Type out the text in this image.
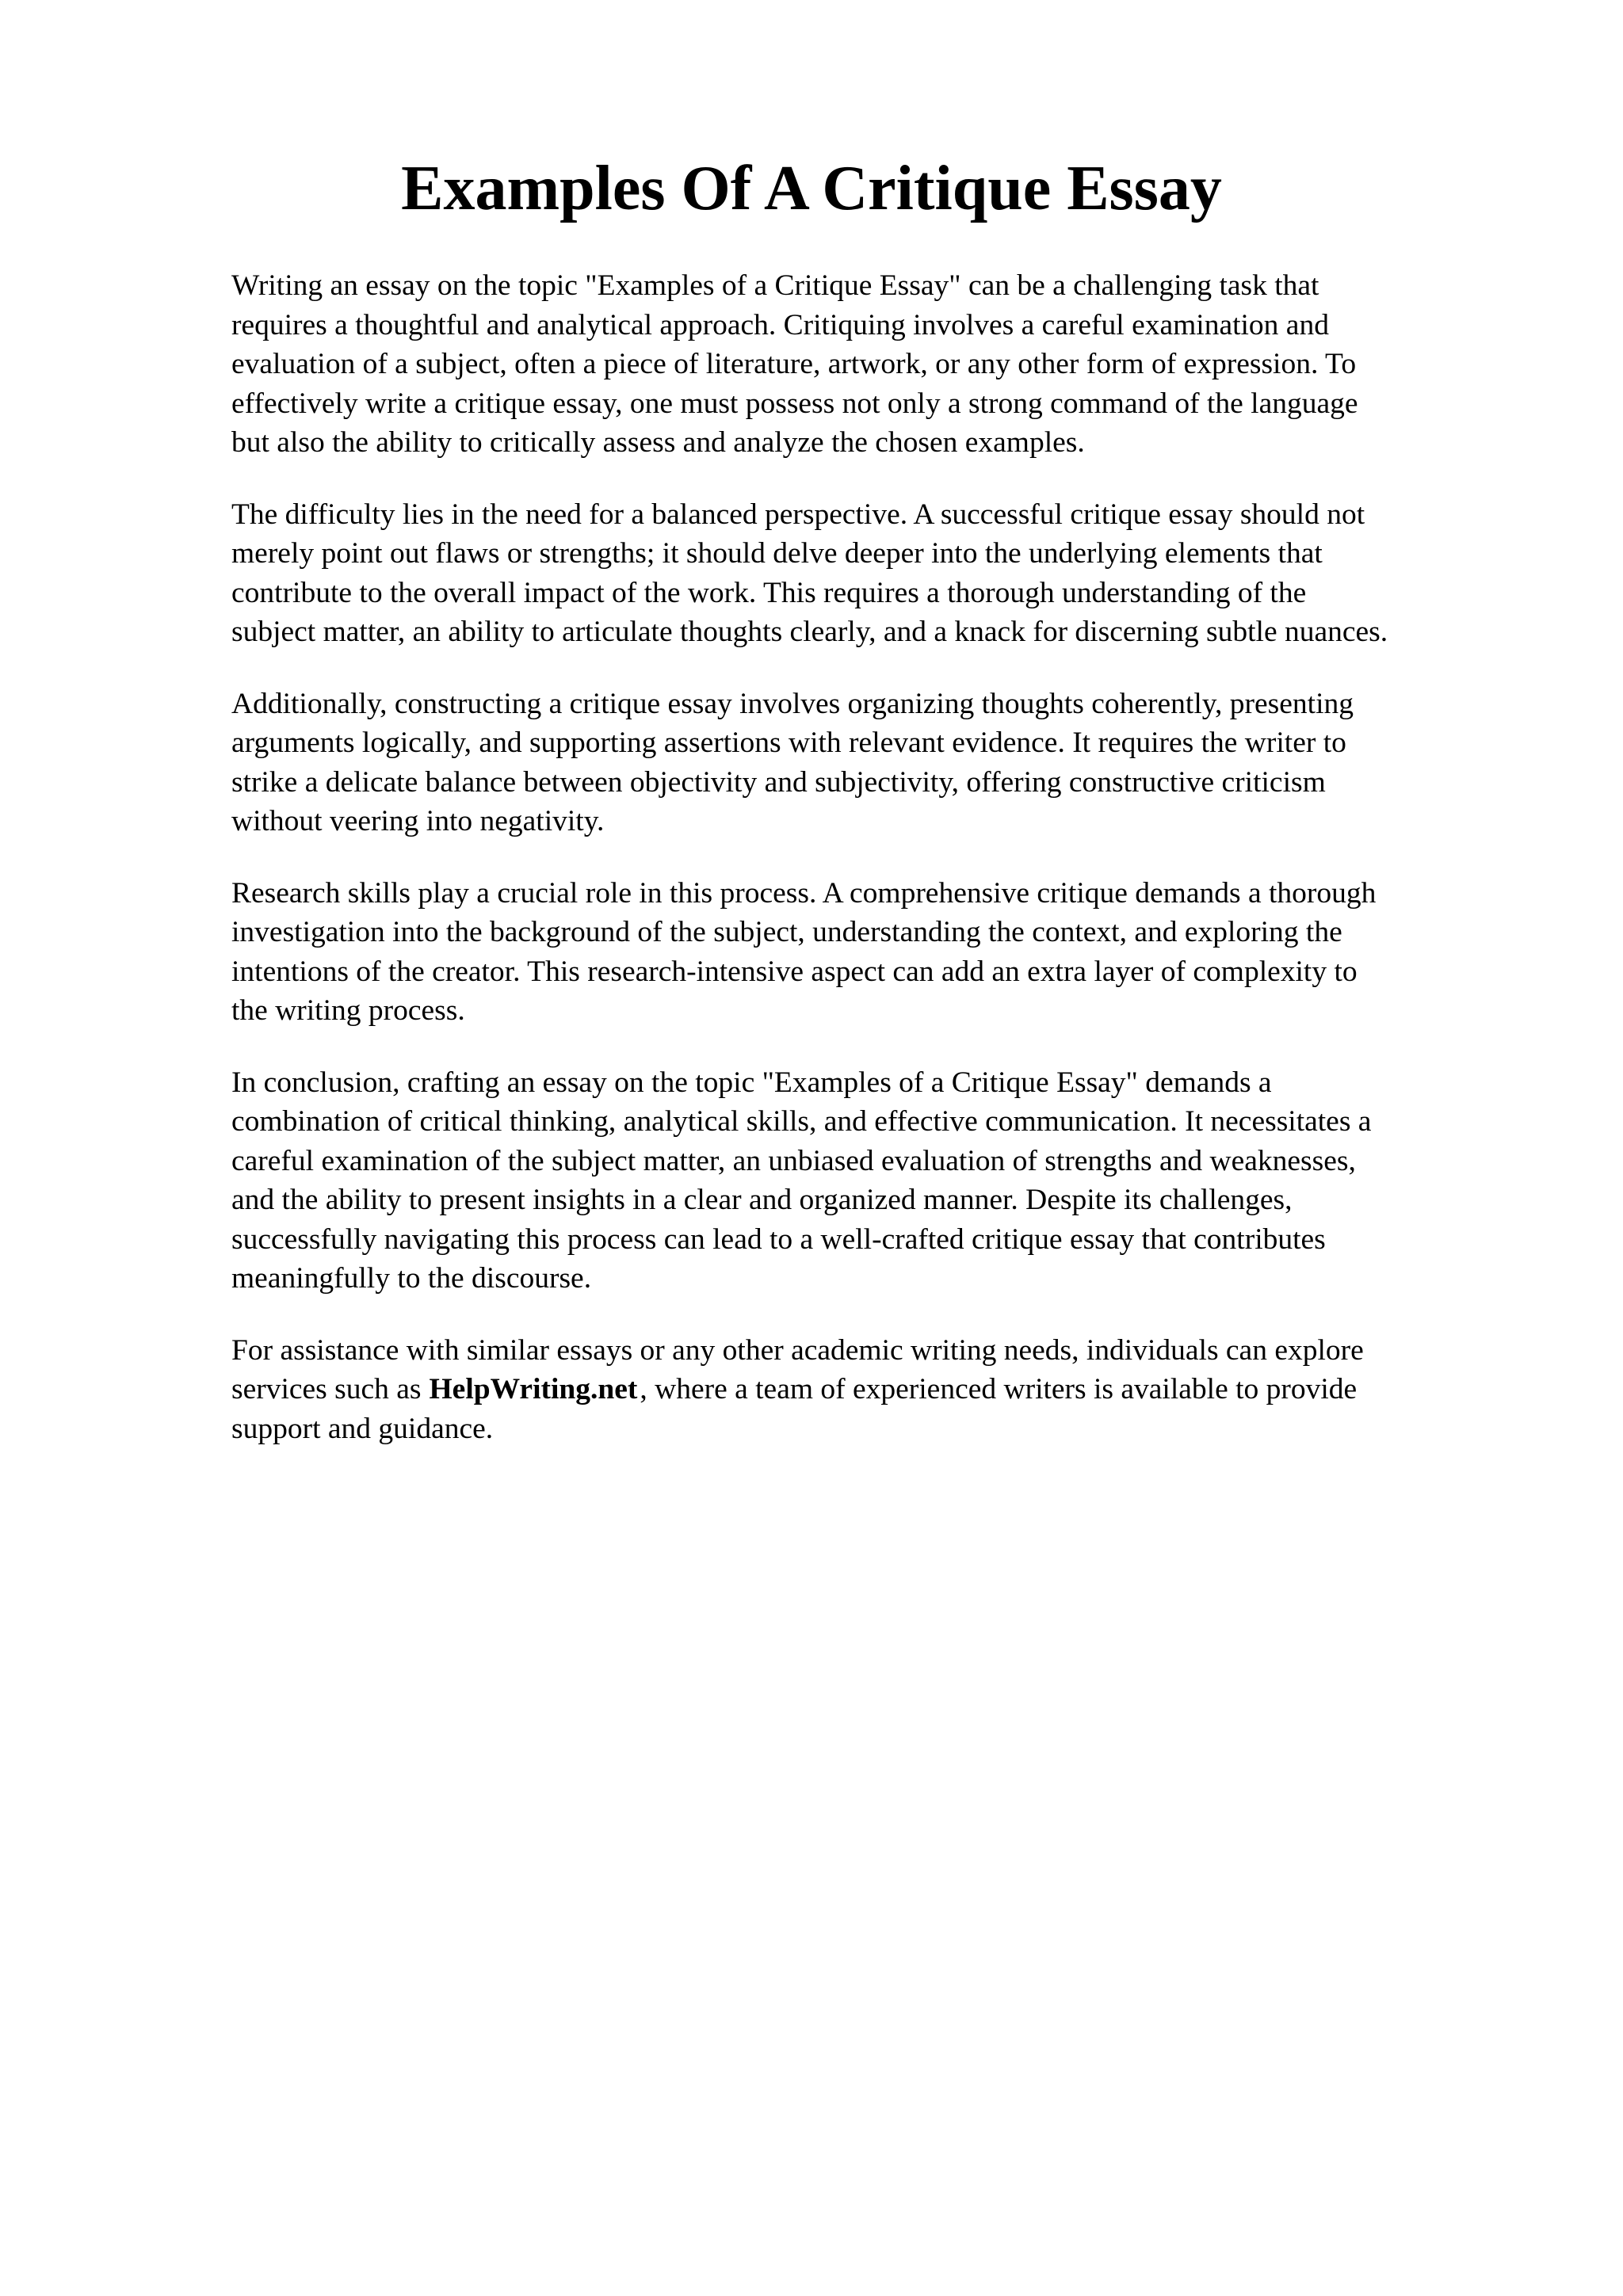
Examples Of A Critique Essay

Writing an essay on the topic "Examples of a Critique Essay" can be a challenging task that
requires a thoughtful and analytical approach. Critiquing involves a careful examination and
evaluation of a subject, often a piece of literature, artwork, or any other form of expression. To
effectively write a critique essay, one must possess not only a strong command of the language
but also the ability to critically assess and analyze the chosen examples.

The difficulty lies in the need for a balanced perspective. A successful critique essay should not
merely point out flaws or strengths; it should delve deeper into the underlying elements that
contribute to the overall impact of the work. This requires a thorough understanding of the
subject matter, an ability to articulate thoughts clearly, and a knack for discerning subtle nuances.

Additionally, constructing a critique essay involves organizing thoughts coherently, presenting
arguments logically, and supporting assertions with relevant evidence. It requires the writer to
strike a delicate balance between objectivity and subjectivity, offering constructive criticism
without veering into negativity.

Research skills play a crucial role in this process. A comprehensive critique demands a thorough
investigation into the background of the subject, understanding the context, and exploring the
intentions of the creator. This research-intensive aspect can add an extra layer of complexity to
the writing process.

In conclusion, crafting an essay on the topic "Examples of a Critique Essay" demands a
combination of critical thinking, analytical skills, and effective communication. It necessitates a
careful examination of the subject matter, an unbiased evaluation of strengths and weaknesses,
and the ability to present insights in a clear and organized manner. Despite its challenges,
successfully navigating this process can lead to a well-crafted critique essay that contributes
meaningfully to the discourse.

For assistance with similar essays or any other academic writing needs, individuals can explore
services such as HelpWriting.net, where a team of experienced writers is available to provide
support and guidance.
